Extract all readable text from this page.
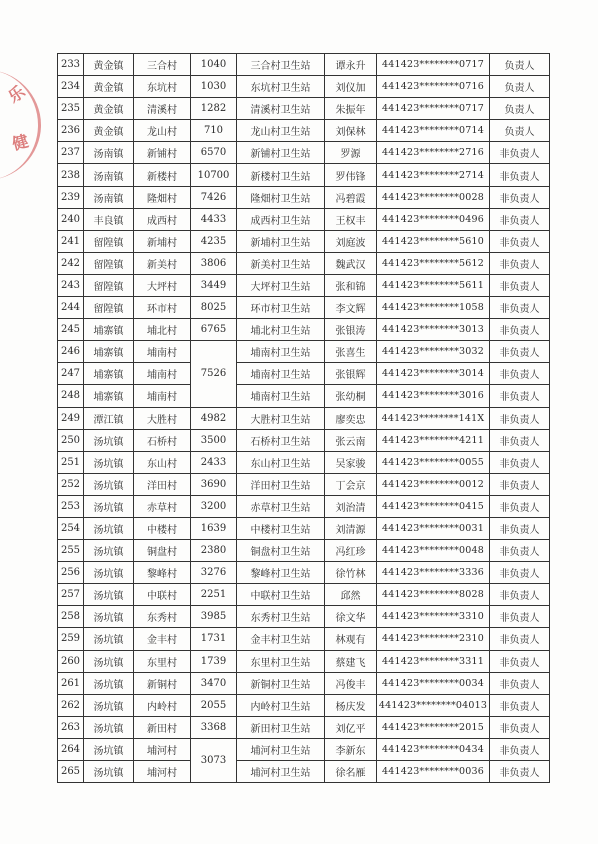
乐
健
233	黄金镇	三合村	1040	三合村卫生站	谭永升	441423********0717	负责人
234	黄金镇	东坑村	1030	东坑村卫生站	刘仪加	441423********0716	负责人
235	黄金镇	清溪村	1282	清溪村卫生站	朱振年	441423********0717	负责人
236	黄金镇	龙山村	710	龙山村卫生站	刘保林	441423********0714	负责人
237	汤南镇	新铺村	6570	新铺村卫生站	罗源	441423********2716	非负责人
238	汤南镇	新楼村	10700	新楼村卫生站	罗伟锋	441423********2714	非负责人
239	汤南镇	隆畑村	7426	隆畑村卫生站	冯碧霞	441423********0028	非负责人
240	丰良镇	成西村	4433	成西村卫生站	王权丰	441423********0496	非负责人
241	留隍镇	新埔村	4235	新埔村卫生站	刘庭波	441423********5610	非负责人
242	留隍镇	新美村	3806	新美村卫生站	魏武汉	441423********5612	非负责人
243	留隍镇	大坪村	3449	大坪村卫生站	张和锦	441423********5611	非负责人
244	留隍镇	环市村	8025	环市村卫生站	李文辉	441423********1058	非负责人
245	埔寨镇	埔北村	6765	埔北村卫生站	张银涛	441423********3013	非负责人
246	埔寨镇	埔南村	7526	埔南村卫生站	张喜生	441423********3032	非负责人
247	埔寨镇	埔南村		埔南村卫生站	张银辉	441423********3014	非负责人
248	埔寨镇	埔南村		埔南村卫生站	张幼桐	441423********3016	非负责人
249	潭江镇	大胜村	4982	大胜村卫生站	廖奕忠	441423********141X	非负责人
250	汤坑镇	石桥村	3500	石桥村卫生站	张云南	441423********4211	非负责人
251	汤坑镇	东山村	2433	东山村卫生站	吴家骏	441423********0055	非负责人
252	汤坑镇	洋田村	3690	洋田村卫生站	丁会京	441423********0012	非负责人
253	汤坑镇	赤草村	3200	赤草村卫生站	刘治清	441423********0415	非负责人
254	汤坑镇	中楼村	1639	中楼村卫生站	刘清源	441423********0031	非负责人
255	汤坑镇	铜盘村	2380	铜盘村卫生站	冯红珍	441423********0048	非负责人
256	汤坑镇	黎峰村	3276	黎峰村卫生站	徐竹林	441423********3336	非负责人
257	汤坑镇	中联村	2251	中联村卫生站	邱然	441423********8028	非负责人
258	汤坑镇	东秀村	3985	东秀村卫生站	徐文华	441423********3310	非负责人
259	汤坑镇	金丰村	1731	金丰村卫生站	林观有	441423********2310	非负责人
260	汤坑镇	东里村	1739	东里村卫生站	蔡建飞	441423********3311	非负责人
261	汤坑镇	新铜村	3470	新铜村卫生站	冯俊丰	441423********0034	非负责人
262	汤坑镇	内岭村	2055	内岭村卫生站	杨庆发	441423********04013	非负责人
263	汤坑镇	新田村	3368	新田村卫生站	刘亿平	441423********2015	非负责人
264	汤坑镇	埔河村	3073	埔河村卫生站	李新东	441423********0434	非负责人
265	汤坑镇	埔河村		埔河村卫生站	徐名雁	441423********0036	非负责人
